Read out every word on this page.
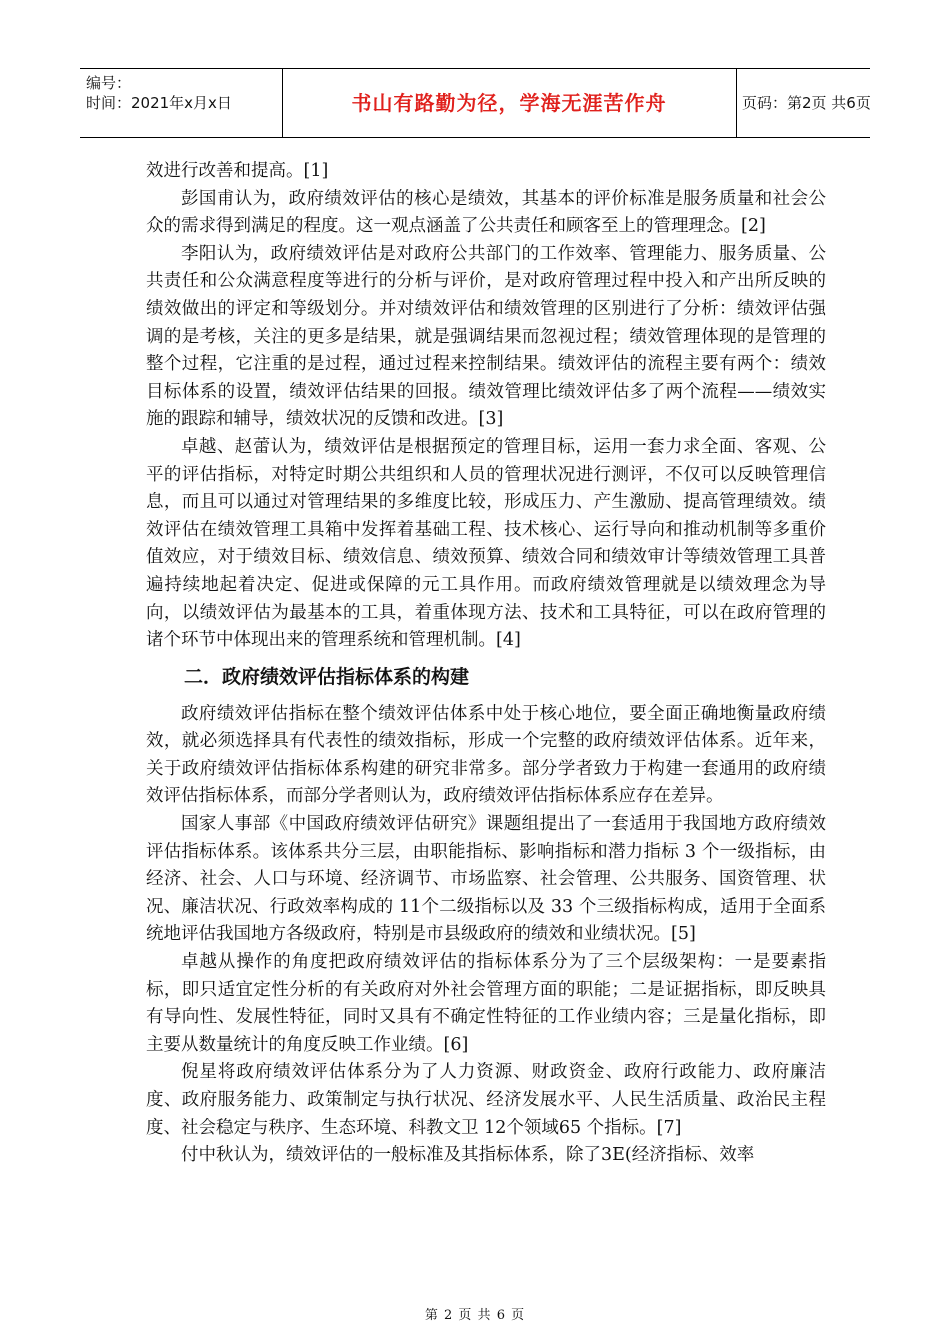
编号：
时间：2021年x月x日	书山有路勤为径，学海无涯苦作舟	页码：第2页 共6页

效进行改善和提高。[1]

彭国甫认为，政府绩效评估的核心是绩效，其基本的评价标准是服务质量和社会公众的需求得到满足的程度。这一观点涵盖了公共责任和顾客至上的管理理念。[2]

李阳认为，政府绩效评估是对政府公共部门的工作效率、管理能力、服务质量、公共责任和公众满意程度等进行的分析与评价，是对政府管理过程中投入和产出所反映的绩效做出的评定和等级划分。并对绩效评估和绩效管理的区别进行了分析：绩效评估强调的是考核，关注的更多是结果，就是强调结果而忽视过程；绩效管理体现的是管理的整个过程，它注重的是过程，通过过程来控制结果。绩效评估的流程主要有两个：绩效目标体系的设置，绩效评估结果的回报。绩效管理比绩效评估多了两个流程——绩效实施的跟踪和辅导，绩效状况的反馈和改进。[3]

卓越、赵蕾认为，绩效评估是根据预定的管理目标，运用一套力求全面、客观、公平的评估指标，对特定时期公共组织和人员的管理状况进行测评，不仅可以反映管理信息，而且可以通过对管理结果的多维度比较，形成压力、产生激励、提高管理绩效。绩效评估在绩效管理工具箱中发挥着基础工程、技术核心、运行导向和推动机制等多重价值效应，对于绩效目标、绩效信息、绩效预算、绩效合同和绩效审计等绩效管理工具普遍持续地起着决定、促进或保障的元工具作用。而政府绩效管理就是以绩效理念为导向，以绩效评估为最基本的工具，着重体现方法、技术和工具特征，可以在政府管理的诸个环节中体现出来的管理系统和管理机制。[4]

二．政府绩效评估指标体系的构建

政府绩效评估指标在整个绩效评估体系中处于核心地位，要全面正确地衡量政府绩效，就必须选择具有代表性的绩效指标，形成一个完整的政府绩效评估体系。近年来，关于政府绩效评估指标体系构建的研究非常多。部分学者致力于构建一套通用的政府绩效评估指标体系，而部分学者则认为，政府绩效评估指标体系应存在差异。

国家人事部《中国政府绩效评估研究》课题组提出了一套适用于我国地方政府绩效评估指标体系。该体系共分三层，由职能指标、影响指标和潜力指标 3 个一级指标，由经济、社会、人口与环境、经济调节、市场监察、社会管理、公共服务、国资管理、状况、廉洁状况、行政效率构成的 11个二级指标以及 33 个三级指标构成，适用于全面系统地评估我国地方各级政府，特别是市县级政府的绩效和业绩状况。[5]

卓越从操作的角度把政府绩效评估的指标体系分为了三个层级架构：一是要素指标，即只适宜定性分析的有关政府对外社会管理方面的职能；二是证据指标，即反映具有导向性、发展性特征，同时又具有不确定性特征的工作业绩内容；三是量化指标，即主要从数量统计的角度反映工作业绩。[6]

倪星将政府绩效评估体系分为了人力资源、财政资金、政府行政能力、政府廉洁度、政府服务能力、政策制定与执行状况、经济发展水平、人民生活质量、政治民主程度、社会稳定与秩序、生态环境、科教文卫 12个领域65 个指标。[7]

付中秋认为，绩效评估的一般标准及其指标体系，除了3E(经济指标、效率

第 2 页 共 6 页
